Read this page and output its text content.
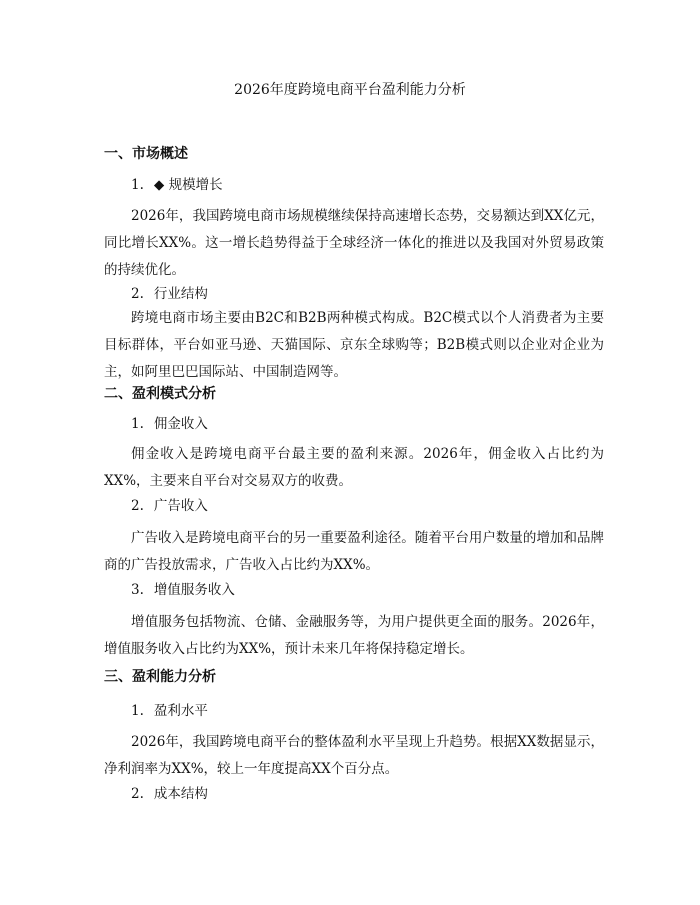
2026年度跨境电商平台盈利能力分析
一、市场概述
1. ◆ 规模增长
2026年，我国跨境电商市场规模继续保持高速增长态势，交易额达到XX亿元，同比增长XX%。这一增长趋势得益于全球经济一体化的推进以及我国对外贸易政策的持续优化。
2. 行业结构
跨境电商市场主要由B2C和B2B两种模式构成。B2C模式以个人消费者为主要目标群体，平台如亚马逊、天猫国际、京东全球购等；B2B模式则以企业对企业为主，如阿里巴巴国际站、中国制造网等。
二、盈利模式分析
1. 佣金收入
佣金收入是跨境电商平台最主要的盈利来源。2026年，佣金收入占比约为XX%，主要来自平台对交易双方的收费。
2. 广告收入
广告收入是跨境电商平台的另一重要盈利途径。随着平台用户数量的增加和品牌商的广告投放需求，广告收入占比约为XX%。
3. 增值服务收入
增值服务包括物流、仓储、金融服务等，为用户提供更全面的服务。2026年，增值服务收入占比约为XX%，预计未来几年将保持稳定增长。
三、盈利能力分析
1. 盈利水平
2026年，我国跨境电商平台的整体盈利水平呈现上升趋势。根据XX数据显示，净利润率为XX%，较上一年度提高XX个百分点。
2. 成本结构
